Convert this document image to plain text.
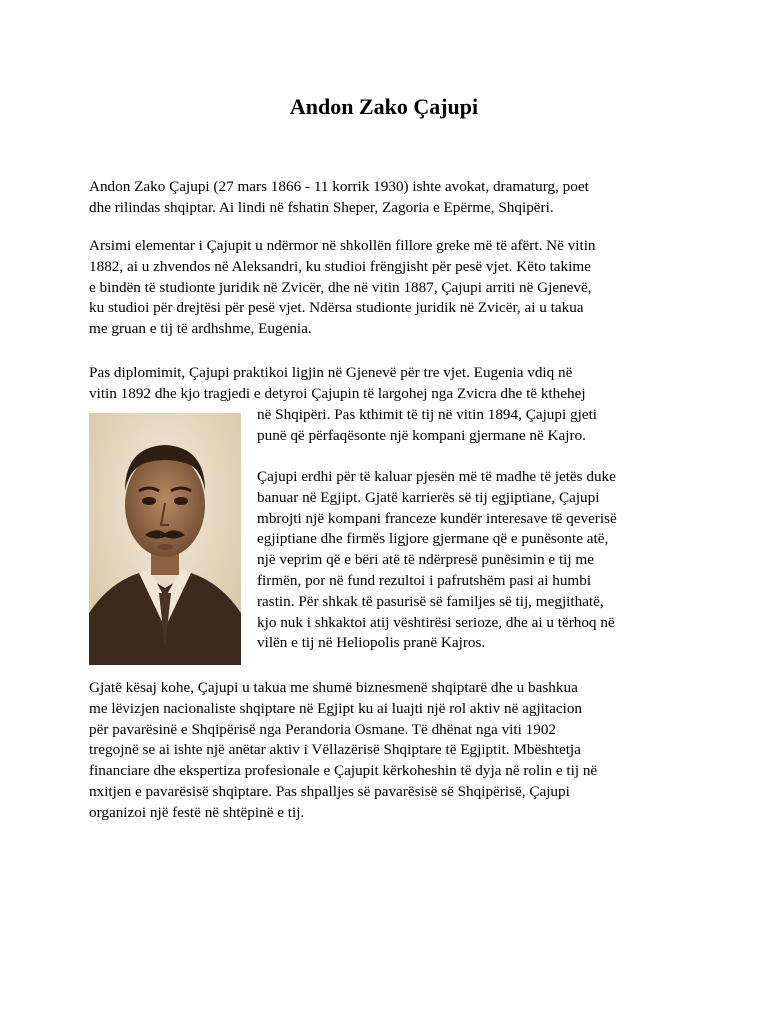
Andon Zako Çajupi
Andon Zako Çajupi (27 mars 1866 - 11 korrik 1930) ishte avokat, dramaturg, poet
dhe rilindas shqiptar. Ai lindi në fshatin Sheper, Zagoria e Epërme, Shqipëri.
Arsimi elementar i Çajupit u ndërmor në shkollën fillore greke më të afërt. Në vitin
1882, ai u zhvendos në Aleksandri, ku studioi frëngjisht për pesë vjet. Këto takime
e bindën të studionte juridik në Zvicër, dhe në vitin 1887, Çajupi arriti në Gjenevë,
ku studioi për drejtësi për pesë vjet. Ndërsa studionte juridik në Zvicër, ai u takua
me gruan e tij të ardhshme, Eugenia.
Pas diplomimit, Çajupi praktikoi ligjin në Gjenevë për tre vjet. Eugenia vdiq në
vitin 1892 dhe kjo tragjedi e detyroi Çajupin të largohej nga Zvicra dhe të kthehej
në Shqipëri. Pas kthimit të tij në vitin 1894, Çajupi gjeti
punë që përfaqësonte një kompani gjermane në Kajro.
Çajupi erdhi për të kaluar pjesën më të madhe të jetës duke
banuar në Egjipt. Gjatë karrierës së tij egjiptiane, Çajupi
mbrojti një kompani franceze kundër interesave të qeverisë
egjiptiane dhe firmës ligjore gjermane që e punësonte atë,
një veprim që e bëri atë të ndërpresë punësimin e tij me
firmën, por në fund rezultoi i pafrutshëm pasi ai humbi
rastin. Për shkak të pasurisë së familjes së tij, megjithatë,
kjo nuk i shkaktoi atij vështirësi serioze, dhe ai u tërhoq në
vilën e tij në Heliopolis pranë Kajros.
Gjatë kësaj kohe, Çajupi u takua me shumë biznesmenë shqiptarë dhe u bashkua
me lëvizjen nacionaliste shqiptare në Egjipt ku ai luajti një rol aktiv në agjitacion
për pavarësinë e Shqipërisë nga Perandoria Osmane. Të dhënat nga viti 1902
tregojnë se ai ishte një anëtar aktiv i Vëllazërisë Shqiptare të Egjiptit. Mbështetja
financiare dhe ekspertiza profesionale e Çajupit kërkoheshin të dyja në rolin e tij në
nxitjen e pavarësisë shqiptare. Pas shpalljes së pavarësisë së Shqipërisë, Çajupi
organizoi një festë në shtëpinë e tij.
